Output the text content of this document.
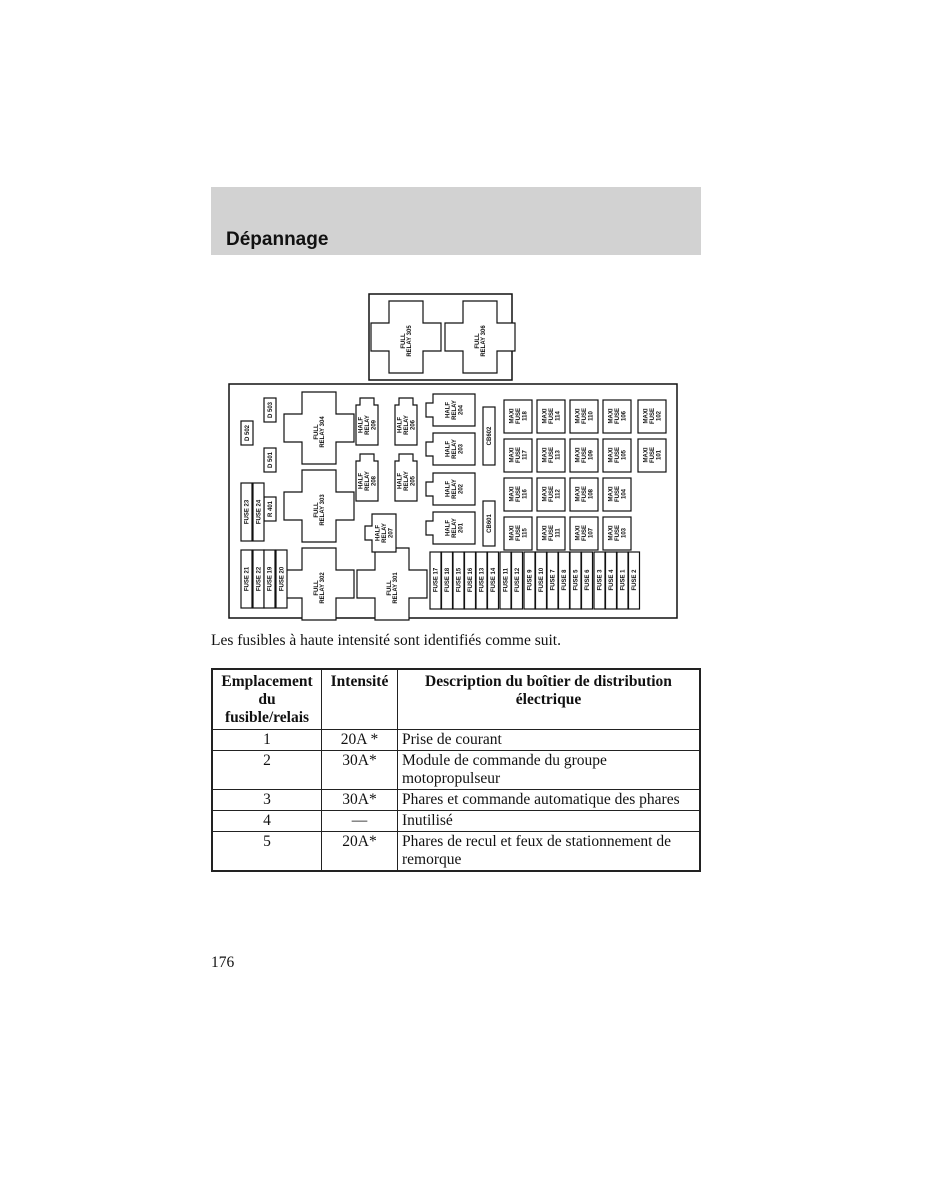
Dépannage
FULLRELAY 305	FULLRELAY 306
D 503
D 502
D 501
R 401
FULLRELAY 304
FULLRELAY 303
FULLRELAY 302	FULLRELAY 301
HALFRELAY209	HALFRELAY206
HALFRELAY208	HALFRELAY205
HALFRELAY207
HALFRELAY204
HALFRELAY203
HALFRELAY202
HALFRELAY201
CB602
CB601
MAXIFUSE118 MAXIFUSE114 MAXIFUSE110 MAXIFUSE106	MAXIFUSE102
MAXIFUSE117 MAXIFUSE113 MAXIFUSE109 MAXIFUSE105	MAXIFUSE101
MAXIFUSE116 MAXIFUSE112 MAXIFUSE108 MAXIFUSE104
MAXIFUSE115 MAXIFUSE111 MAXIFUSE107 MAXIFUSE103
FUSE 23 FUSE 24
FUSE 21 FUSE 22 FUSE 19 FUSE 20	FUSE 17 FUSE 18 FUSE 15 FUSE 16 FUSE 13 FUSE 14 FUSE 11 FUSE 12 FUSE 9 FUSE 10 FUSE 7 FUSE 8 FUSE 5 FUSE 6 FUSE 3 FUSE 4 FUSE 1 FUSE 2
Les fusibles à haute intensité sont identifiés comme suit.
Emplacement du fusible/relais	Intensité	Description du boîtier de distribution électrique
1	20A *	Prise de courant
2	30A*	Module de commande du groupe motopropulseur
3	30A*	Phares et commande automatique des phares
4	—	Inutilisé
5	20A*	Phares de recul et feux de stationnement de remorque
176
